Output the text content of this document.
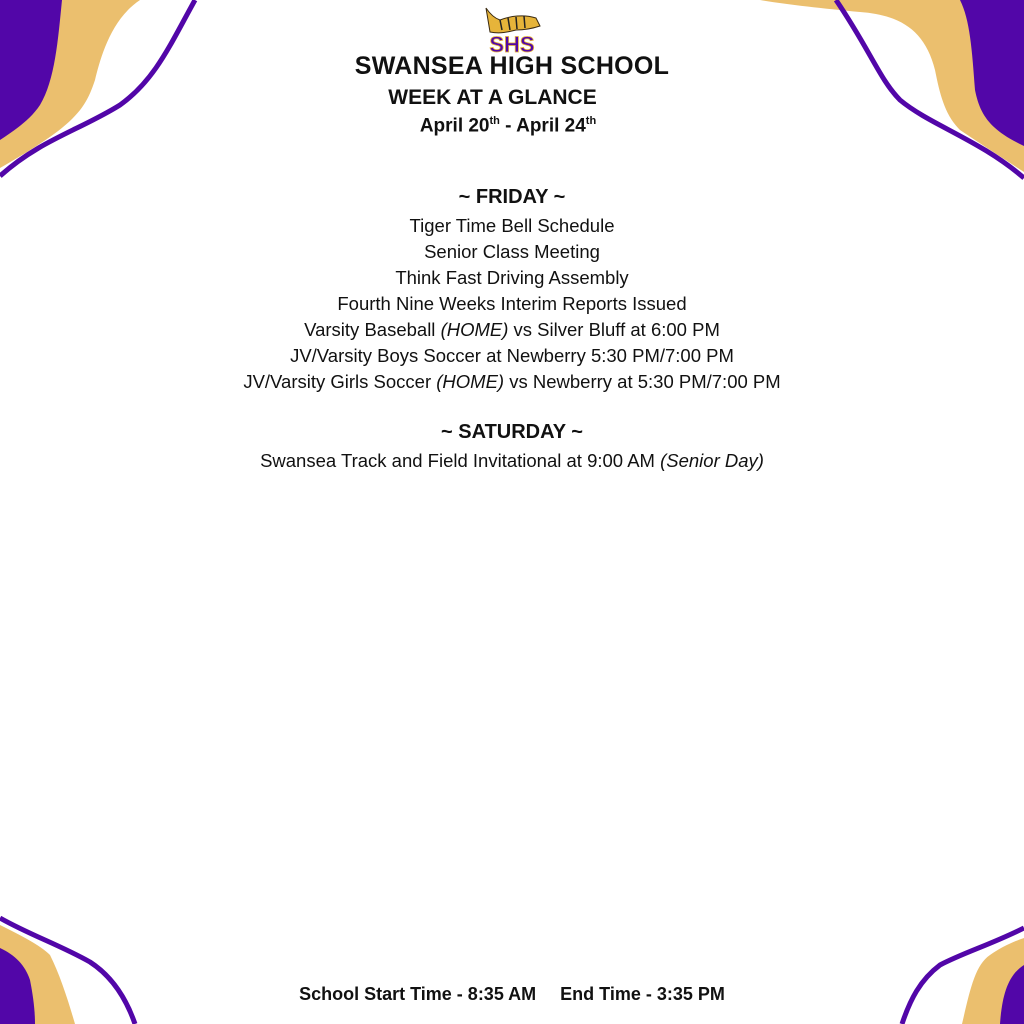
SHS
SWANSEA HIGH SCHOOL
WEEK AT A GLANCE
April 20th - April 24th
~ FRIDAY ~
Tiger Time Bell Schedule
Senior Class Meeting
Think Fast Driving Assembly
Fourth Nine Weeks Interim Reports Issued
Varsity Baseball (HOME) vs Silver Bluff at 6:00 PM
JV/Varsity Boys Soccer at Newberry 5:30 PM/7:00 PM
JV/Varsity Girls Soccer (HOME) vs Newberry at 5:30 PM/7:00 PM
~ SATURDAY ~
Swansea Track and Field Invitational at 9:00 AM (Senior Day)
School Start Time - 8:35 AM End Time - 3:35 PM
